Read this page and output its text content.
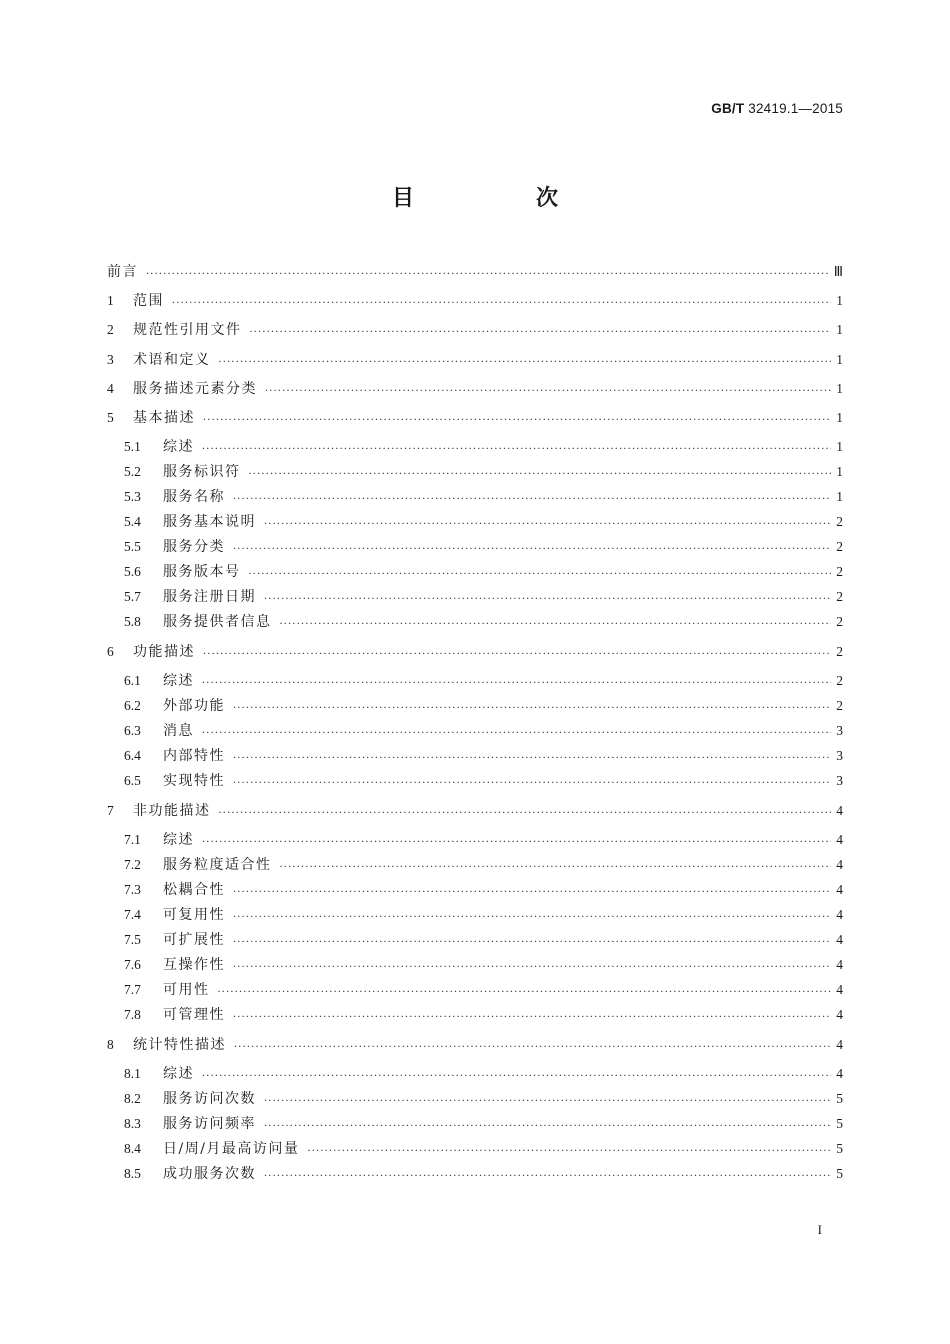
GB/T 32419.1—2015
目　次
前言 .....	Ⅲ
1	范围 .....	1
2	规范性引用文件 .....	1
3	术语和定义 .....	1
4	服务描述元素分类 .....	1
5	基本描述 .....	1
5.1	综述 .....	1
5.2	服务标识符 .....	1
5.3	服务名称 .....	1
5.4	服务基本说明 .....	2
5.5	服务分类 .....	2
5.6	服务版本号 .....	2
5.7	服务注册日期 .....	2
5.8	服务提供者信息 .....	2
6	功能描述 .....	2
6.1	综述 .....	2
6.2	外部功能 .....	2
6.3	消息 .....	3
6.4	内部特性 .....	3
6.5	实现特性 .....	3
7	非功能描述 .....	4
7.1	综述 .....	4
7.2	服务粒度适合性 .....	4
7.3	松耦合性 .....	4
7.4	可复用性 .....	4
7.5	可扩展性 .....	4
7.6	互操作性 .....	4
7.7	可用性 .....	4
7.8	可管理性 .....	4
8	统计特性描述 .....	4
8.1	综述 .....	4
8.2	服务访问次数 .....	5
8.3	服务访问频率 .....	5
8.4	日/周/月最高访问量 .....	5
8.5	成功服务次数 .....	5
I
